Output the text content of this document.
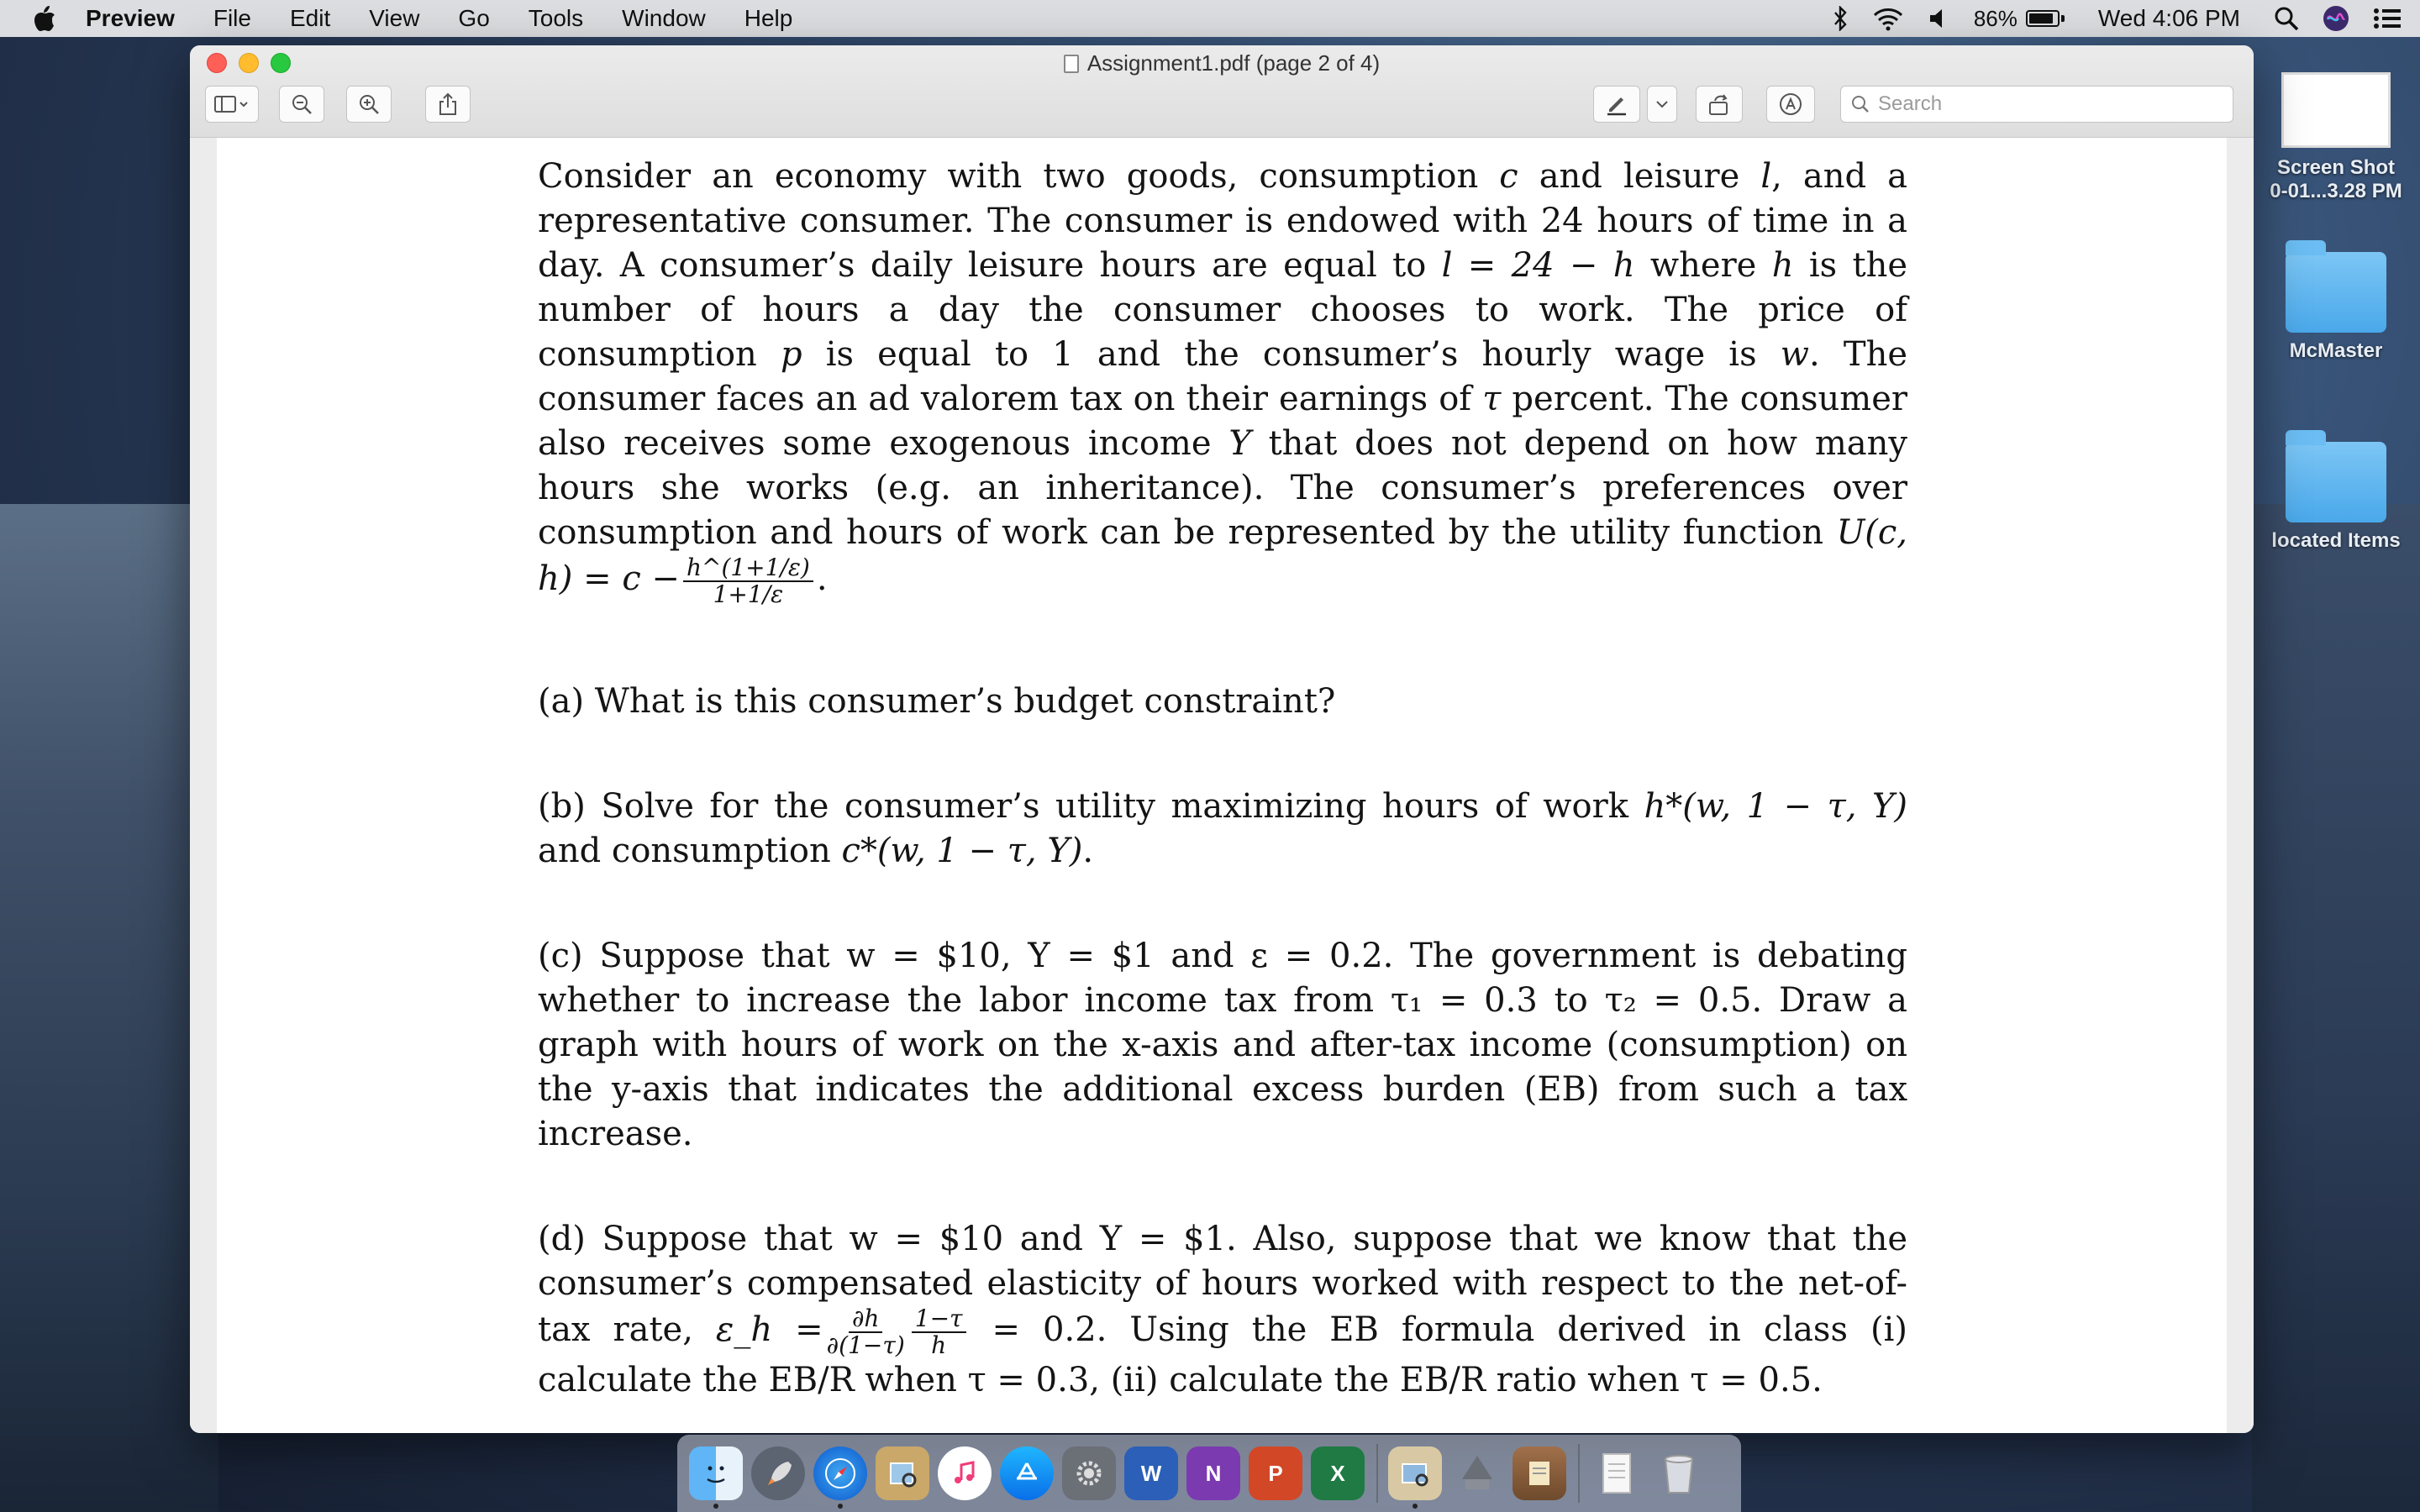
Preview File Edit View Go Tools Window Help	86%	Wed 4:06 PM
Screen Shot
0-01...3.28 PM
McMaster
located Items
Assignment1.pdf (page 2 of 4)
Search

Consider an economy with two goods, consumption c and leisure l, and a representative consumer. The consumer is endowed with 24 hours of time in a day. A consumer’s daily leisure hours are equal to l = 24 − h where h is the number of hours a day the consumer chooses to work. The price of consumption p is equal to 1 and the consumer’s hourly wage is w. The consumer faces an ad valorem tax on their earnings of τ percent. The consumer also receives some exogenous income Y that does not depend on how many hours she works (e.g. an inheritance). The consumer’s preferences over consumption and hours of work can be represented by the utility function U(c, $h) = c - \frac{h\^{}(1+1/\varepsilon)}{1+1/\varepsilon}$ .

(a) What is this consumer’s budget constraint?

(b) Solve for the consumer’s utility maximizing hours of work h*(w, 1 − τ, Y) and consumption c*(w, 1 − τ, Y).

(c) Suppose that w = $10, Y = $1 and ε = 0.2. The government is debating whether to increase the labor income tax from τ₁ = 0.3 to τ₂ = 0.5. Draw a graph with hours of work on the x-axis and after-tax income (consumption) on the y-axis that indicates the additional excess burden (EB) from such a tax increase.

(d) Suppose that w = $10 and Y = $1. Also, suppose that we know that the consumer’s compensated elasticity of hours worked with respect to the net-of-tax rate, ε_h = $\frac{\partial h}{\partial(1-\tau)} \frac{1-\tau}{h} = 0.2$. Using the EB formula derived in class (i) calculate the EB/R when τ = 0.3, (ii) calculate the EB/R ratio when τ = 0.5.

W	N	P	X
